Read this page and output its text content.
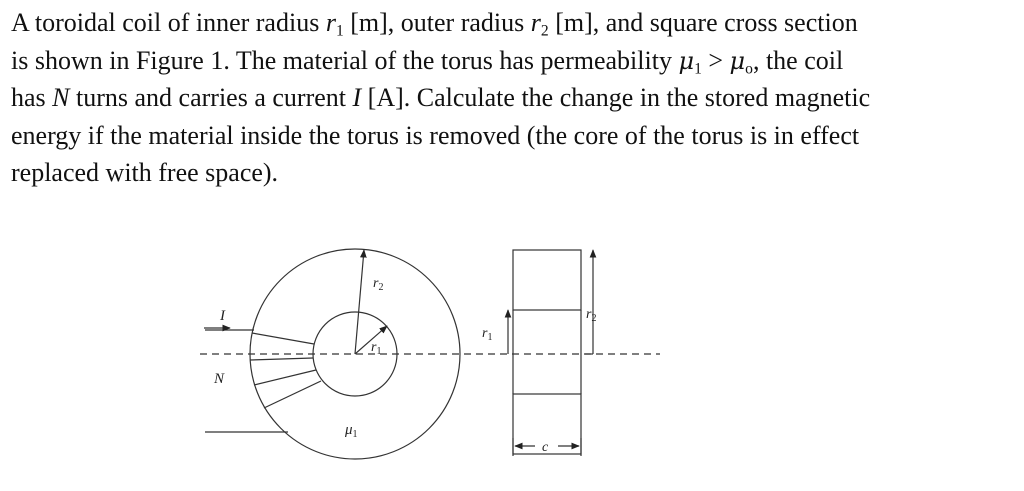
A toroidal coil of inner radius $r_1$ [m], outer radius $r_2$ [m], and square cross section
is shown in Figure 1. The material of the torus has permeability $\mu_1 > \mu_o$, the coil
has N turns and carries a current I [A]. Calculate the change in the stored magnetic
energy if the material inside the torus is removed (the core of the torus is in effect
replaced with free space).
I
N
$r_2$
$r_1$
$\mu_1$
$r_1$
$r_2$
c
